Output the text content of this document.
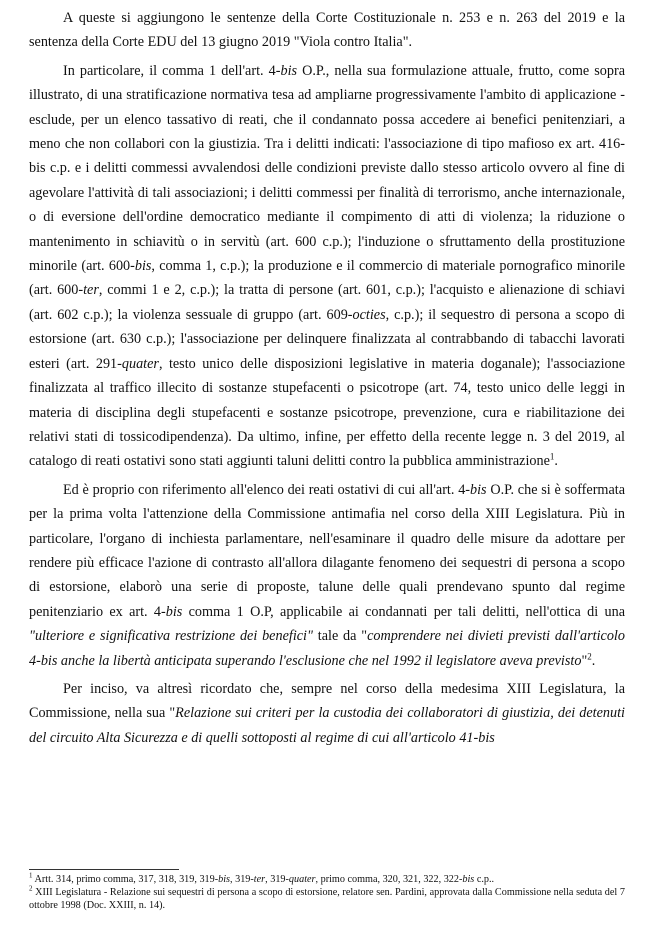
A queste si aggiungono le sentenze della Corte Costituzionale n. 253 e n. 263 del 2019 e la sentenza della Corte EDU del 13 giugno 2019 "Viola contro Italia".

In particolare, il comma 1 dell'art. 4-bis O.P., nella sua formulazione attuale, frutto, come sopra illustrato, di una stratificazione normativa tesa ad ampliarne progressivamente l'ambito di applicazione - esclude, per un elenco tassativo di reati, che il condannato possa accedere ai benefici penitenziari, a meno che non collabori con la giustizia. Tra i delitti indicati: l'associazione di tipo mafioso ex art. 416-bis c.p. e i delitti commessi avvalendosi delle condizioni previste dallo stesso articolo ovvero al fine di agevolare l'attività di tali associazioni; i delitti commessi per finalità di terrorismo, anche internazionale, o di eversione dell'ordine democratico mediante il compimento di atti di violenza; la riduzione o mantenimento in schiavitù o in servitù (art. 600 c.p.); l'induzione o sfruttamento della prostituzione minorile (art. 600-bis, comma 1, c.p.); la produzione e il commercio di materiale pornografico minorile (art. 600-ter, commi 1 e 2, c.p.); la tratta di persone (art. 601, c.p.); l'acquisto e alienazione di schiavi (art. 602 c.p.); la violenza sessuale di gruppo (art. 609-octies, c.p.); il sequestro di persona a scopo di estorsione (art. 630 c.p.); l'associazione per delinquere finalizzata al contrabbando di tabacchi lavorati esteri (art. 291-quater, testo unico delle disposizioni legislative in materia doganale); l'associazione finalizzata al traffico illecito di sostanze stupefacenti o psicotrope (art. 74, testo unico delle leggi in materia di disciplina degli stupefacenti e sostanze psicotrope, prevenzione, cura e riabilitazione dei relativi stati di tossicodipendenza). Da ultimo, infine, per effetto della recente legge n. 3 del 2019, al catalogo di reati ostativi sono stati aggiunti taluni delitti contro la pubblica amministrazione$^1$.

Ed è proprio con riferimento all'elenco dei reati ostativi di cui all'art. 4-bis O.P. che si è soffermata per la prima volta l'attenzione della Commissione antimafia nel corso della XIII Legislatura. Più in particolare, l'organo di inchiesta parlamentare, nell'esaminare il quadro delle misure da adottare per rendere più efficace l'azione di contrasto all'allora dilagante fenomeno dei sequestri di persona a scopo di estorsione, elaborò una serie di proposte, talune delle quali prendevano spunto dal regime penitenziario ex art. 4-bis comma 1 O.P, applicabile ai condannati per tali delitti, nell'ottica di una "ulteriore e significativa restrizione dei benefici" tale da "comprendere nei divieti previsti dall'articolo 4-bis anche la libertà anticipata superando l'esclusione che nel 1992 il legislatore aveva previsto"$^2$.

Per inciso, va altresì ricordato che, sempre nel corso della medesima XIII Legislatura, la Commissione, nella sua "Relazione sui criteri per la custodia dei collaboratori di giustizia, dei detenuti del circuito Alta Sicurezza e di quelli sottoposti al regime di cui all'articolo 41-bis

$^1$ Artt. 314, primo comma, 317, 318, 319, 319-bis, 319-ter, 319-quater, primo comma, 320, 321, 322, 322-bis c.p..

$^2$ XIII Legislatura - Relazione sui sequestri di persona a scopo di estorsione, relatore sen. Pardini, approvata dalla Commissione nella seduta del 7 ottobre 1998 (Doc. XXIII, n. 14).
